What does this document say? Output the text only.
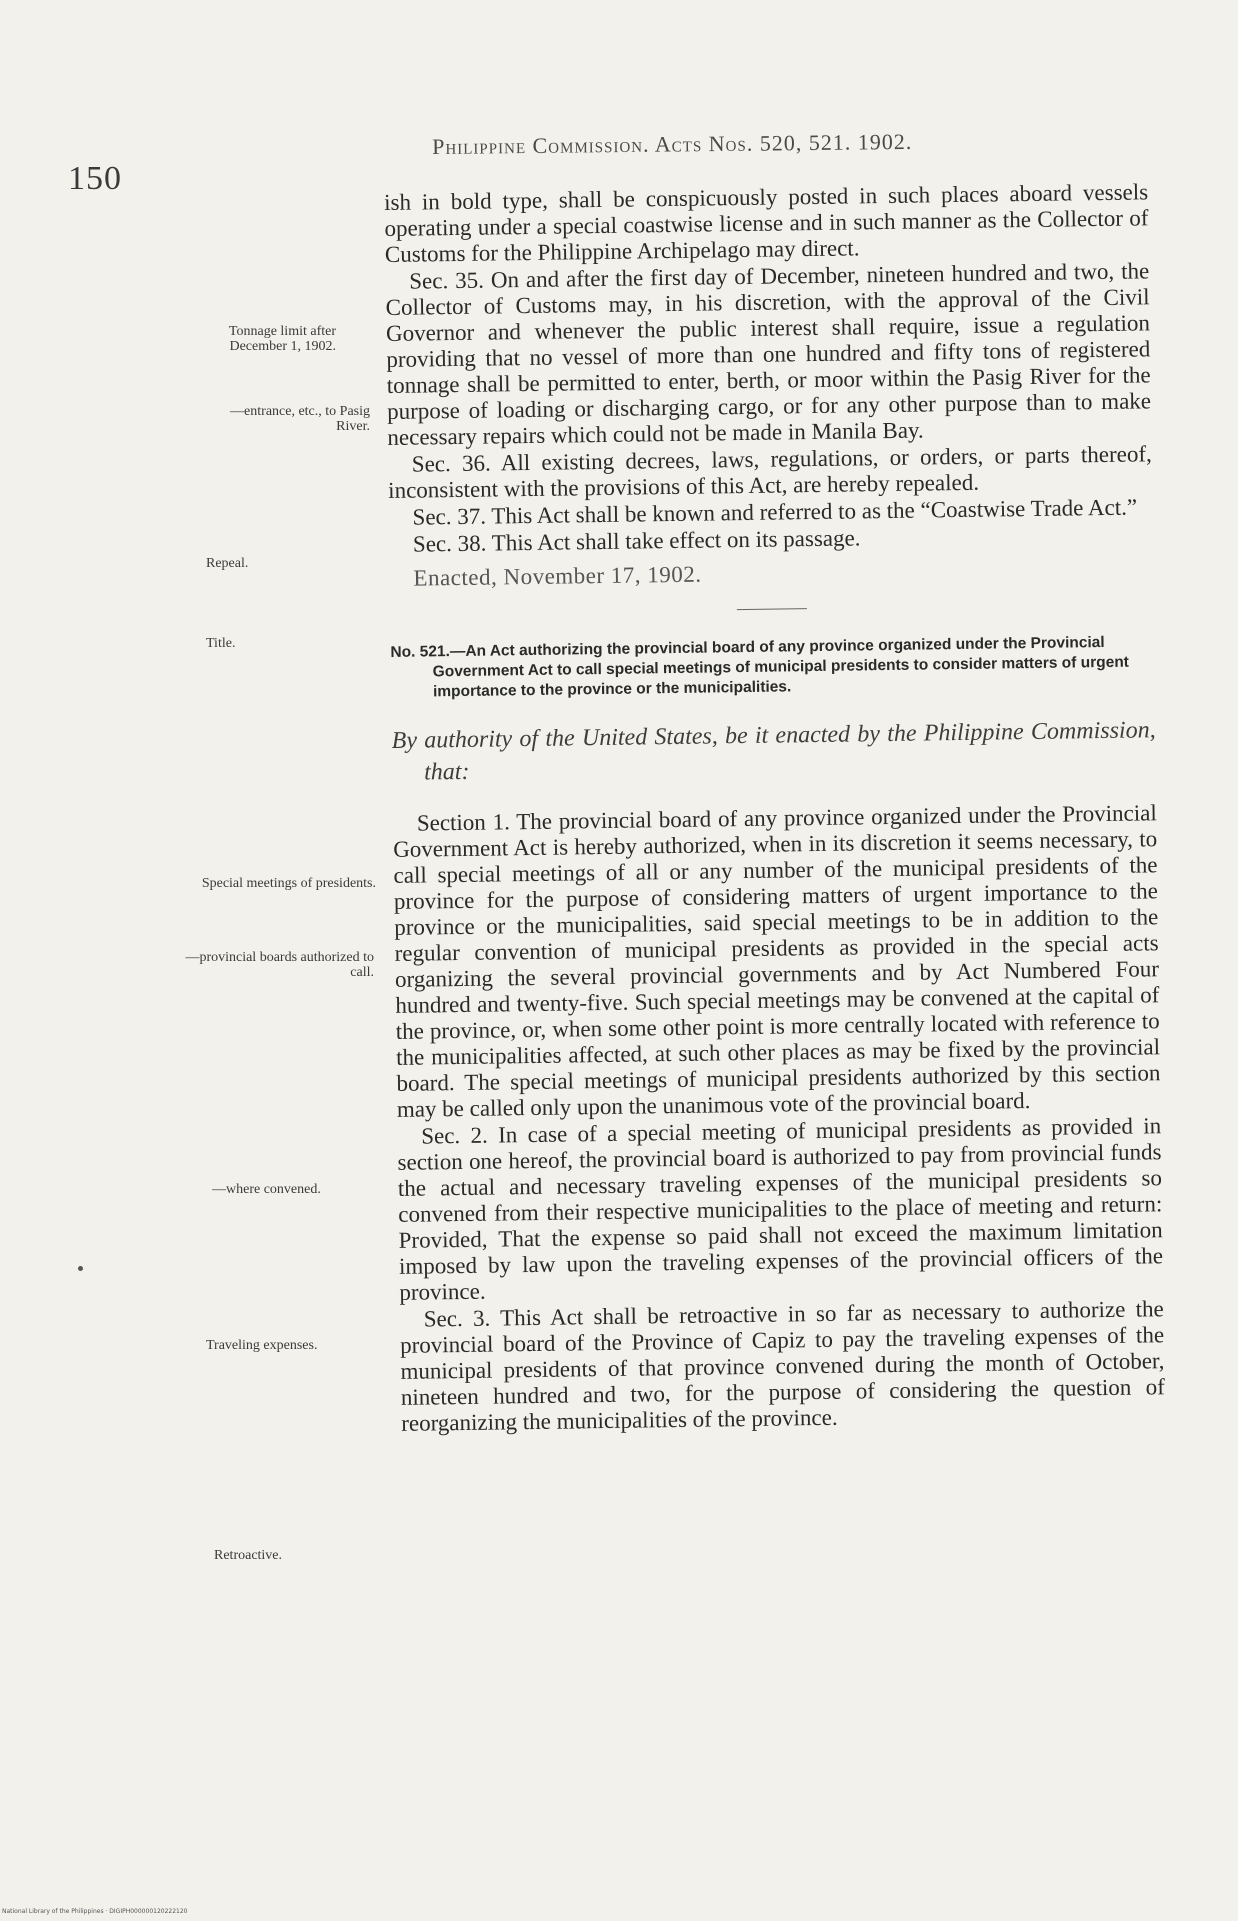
150
Philippine Commission. Acts Nos. 520, 521. 1902.
Tonnage limit after December 1, 1902.
—entrance, etc., to Pasig River.
Repeal.
Title.
Special meetings of presidents.
—provincial boards authorized to call.
—where convened.
Traveling expenses.
Retroactive.

ish in bold type, shall be conspicuously posted in such places aboard vessels operating under a special coastwise license and in such manner as the Collector of Customs for the Philippine Archipelago may direct.

Sec. 35. On and after the first day of December, nineteen hundred and two, the Collector of Customs may, in his discretion, with the approval of the Civil Governor and whenever the public interest shall require, issue a regulation providing that no vessel of more than one hundred and fifty tons of registered tonnage shall be permitted to enter, berth, or moor within the Pasig River for the purpose of loading or discharging cargo, or for any other purpose than to make necessary repairs which could not be made in Manila Bay.

Sec. 36. All existing decrees, laws, regulations, or orders, or parts thereof, inconsistent with the provisions of this Act, are hereby repealed.

Sec. 37. This Act shall be known and referred to as the “Coastwise Trade Act.”

Sec. 38. This Act shall take effect on its passage.

Enacted, November 17, 1902.

No. 521.—An Act authorizing the provincial board of any province organized under the Provincial Government Act to call special meetings of municipal presidents to consider matters of urgent importance to the province or the municipalities.

By authority of the United States, be it enacted by the Philippine Commission, that:

Section 1. The provincial board of any province organized under the Provincial Government Act is hereby authorized, when in its discretion it seems necessary, to call special meetings of all or any number of the municipal presidents of the province for the purpose of considering matters of urgent importance to the province or the municipalities, said special meetings to be in addition to the regular convention of municipal presidents as provided in the special acts organizing the several provincial governments and by Act Numbered Four hundred and twenty-five. Such special meetings may be convened at the capital of the province, or, when some other point is more centrally located with reference to the municipalities affected, at such other places as may be fixed by the provincial board. The special meetings of municipal presidents authorized by this section may be called only upon the unanimous vote of the provincial board.

Sec. 2. In case of a special meeting of municipal presidents as provided in section one hereof, the provincial board is authorized to pay from provincial funds the actual and necessary traveling expenses of the municipal presidents so convened from their respective municipalities to the place of meeting and return: Provided, That the expense so paid shall not exceed the maximum limitation imposed by law upon the traveling expenses of the provincial officers of the province.

Sec. 3. This Act shall be retroactive in so far as necessary to authorize the provincial board of the Province of Capiz to pay the traveling expenses of the municipal presidents of that province convened during the month of October, nineteen hundred and two, for the purpose of considering the question of reorganizing the municipalities of the province.

National Library of the Philippines · DIGIPH000000120222120
